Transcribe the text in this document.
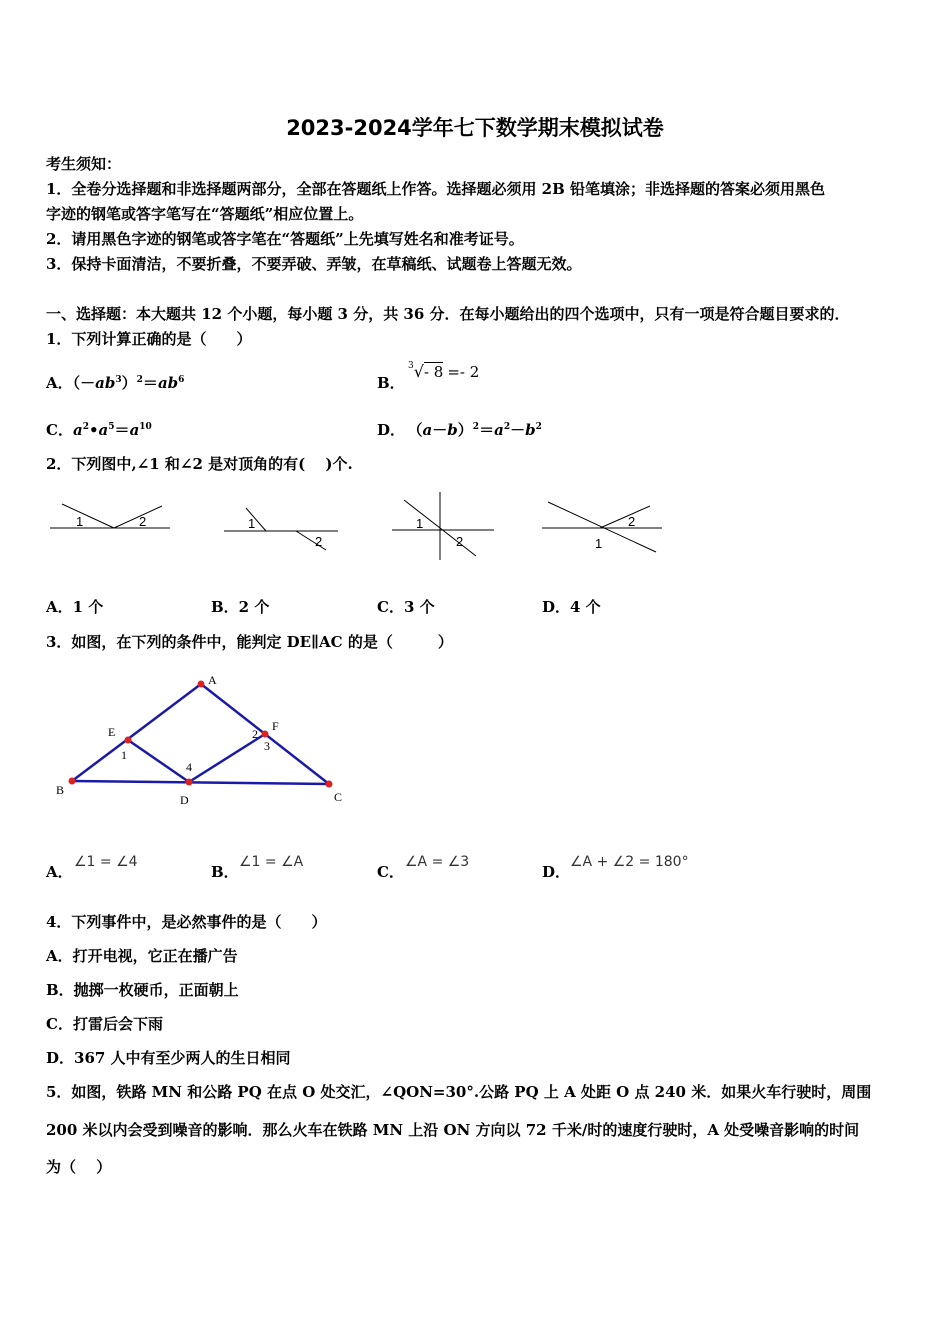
2023-2024学年七下数学期末模拟试卷
考生须知：
1．全卷分选择题和非选择题两部分，全部在答题纸上作答。选择题必须用 2B 铅笔填涂；非选择题的答案必须用黑色
字迹的钢笔或答字笔写在“答题纸”相应位置上。
2．请用黑色字迹的钢笔或答字笔在“答题纸”上先填写姓名和准考证号。
3．保持卡面清洁，不要折叠，不要弄破、弄皱，在草稿纸、试题卷上答题无效。
一、选择题：本大题共 12 个小题，每小题 3 分，共 36 分．在每小题给出的四个选项中，只有一项是符合题目要求的．
1．下列计算正确的是（　　）
A．$(-ab^3)^2=ab^6$	B．
$^3$√- 8 =- 2
C．$a^2•a^5=a^{10}$	D． $(a-b)^2=a^2-b^2$
2．下列图中,∠1 和∠2 是对顶角的有(　 )个.
1	2	1
2
1
2
2
1
A．1 个	B．2 个	C．3 个	D．4 个
3．如图，在下列的条件中，能判定 DE∥AC 的是（　　　）
A
E	F
B
D	C
1
2
3
4
A．
∠1 = ∠4
B．
∠1 = ∠A
C．
∠A = ∠3
D．
∠A + ∠2 = 180°
4．下列事件中，是必然事件的是（　　）
A．打开电视，它正在播广告
B．抛掷一枚硬币，正面朝上
C．打雷后会下雨
D．367 人中有至少两人的生日相同
5．如图，铁路 MN 和公路 PQ 在点 O 处交汇，∠QON=30°.公路 PQ 上 A 处距 O 点 240 米．如果火车行驶时，周围
200 米以内会受到噪音的影响．那么火车在铁路 MN 上沿 ON 方向以 72 千米/时的速度行驶时，A 处受噪音影响的时间
为（　 ）
